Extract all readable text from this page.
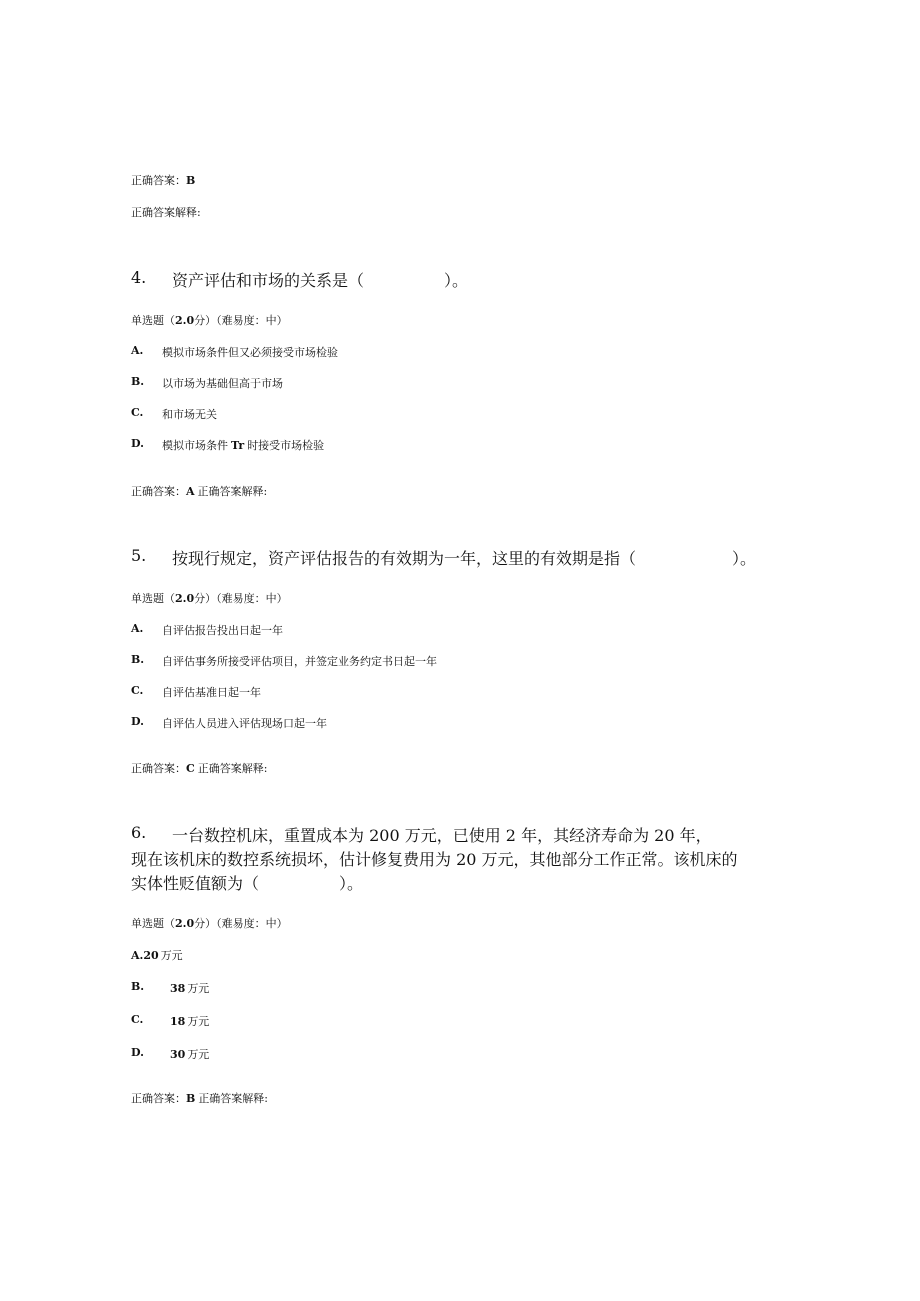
正确答案：B
正确答案解释:
4. 资产评估和市场的关系是（　　　　　）。
单选题（2.0分）（难易度：中）
A. 模拟市场条件但又必须接受市场检验
B. 以市场为基础但高于市场
C. 和市场无关
D. 模拟市场条件 Tr 时接受市场检验
正确答案：A 正确答案解释:
5. 按现行规定，资产评估报告的有效期为一年，这里的有效期是指（　　　　　　）。
单选题（2.0分）（难易度：中）
A. 自评估报告投出日起一年
B. 自评估事务所接受评估项目，并签定业务约定书日起一年
C. 自评估基准日起一年
D. 自评估人员进入评估现场口起一年
正确答案：C 正确答案解释:
6. 一台数控机床，重置成本为 200 万元，已使用 2 年，其经济寿命为 20 年，
现在该机床的数控系统损坏，估计修复费用为 20 万元，其他部分工作正常。该机床的
实体性贬值额为（　　　　　）。
单选题（2.0分）（难易度：中）
A.20 万元
B. 38 万元
C. 18 万元
D. 30 万元
正确答案：B 正确答案解释:
